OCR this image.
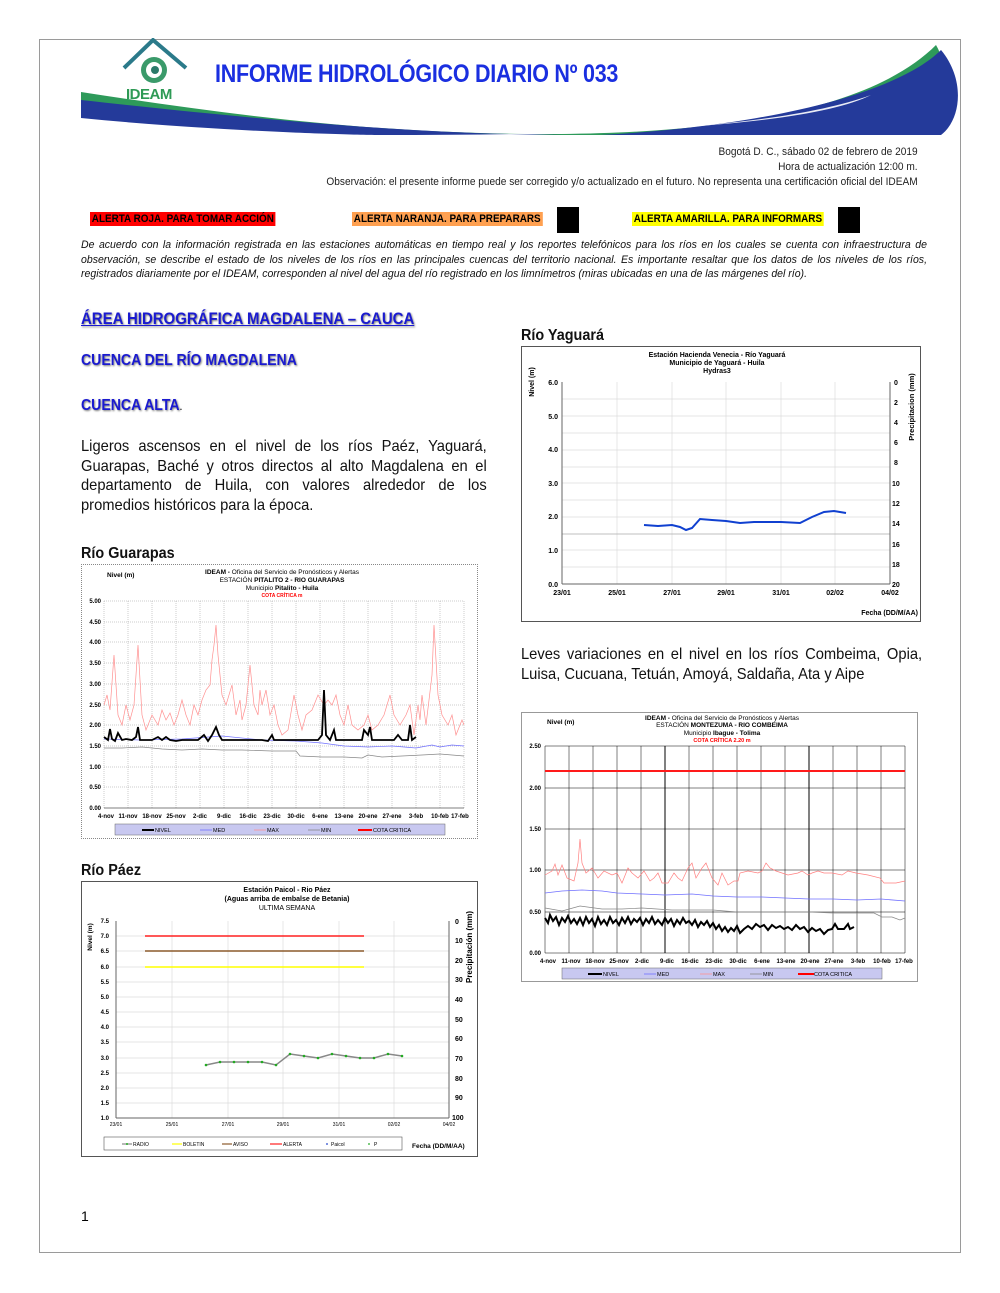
IDEAM
INFORME HIDROLÓGICO DIARIO Nº 033
Bogotá D. C., sábado 02 de febrero de 2019
Hora de actualización 12:00 m.
Observación: el presente informe puede ser corregido y/o actualizado en el futuro. No representa una certificación oficial del IDEAM
ALERTA ROJA. PARA TOMAR ACCIÓN	ALERTA NARANJA. PARA PREPARARS	ALERTA AMARILLA. PARA INFORMARS
De acuerdo con la información registrada en las estaciones automáticas en tiempo real y los reportes telefónicos para los ríos en los cuales se cuenta con infraestructura de observación, se describe el estado de los niveles de los ríos en las principales cuencas del territorio nacional. Es importante resaltar que los datos de los niveles de los ríos, registrados diariamente por el IDEAM, corresponden al nivel del agua del río registrado en los limnímetros (miras ubicadas en una de las márgenes del río).
ÁREA HIDROGRÁFICA MAGDALENA – CAUCA
CUENCA DEL RÍO MAGDALENA
CUENCA ALTA.
Ligeros ascensos en el nivel de los ríos Paéz, Yaguará, Guarapas, Baché y otros directos al alto Magdalena en el departamento de Huila, con valores alrededor de los promedios históricos para la época.
Río Guarapas
Nivel (m)	IDEAM - Oficina del Servicio de Pronósticos y Alertas
ESTACIÓN PITALITO 2 - RIO GUARAPAS
Municipio Pitalito - Huila
COTA CRÍTICA m
5.00
4.50
4.00
3.50
3.00
2.50
2.00
1.50
1.00
0.50
0.00
4-nov 11-nov 18-nov 25-nov 2-dic 9-dic 16-dic 23-dic 30-dic 6-ene 13-ene 20-ene 27-ene 3-feb 10-feb 17-feb
NIVEL	MED	MAX	MIN	COTA CRITICA
Río Páez
Estación Paicol - Rio Páez
(Aguas arriba de embalse de Betania)
ULTIMA SEMANA
Nivel (m)	Precipitación (mm)
7.5
7.0
6.5
6.0
5.5
5.0
4.5
4.0
3.5
3.0
2.5
2.0
1.5
1.0
0
10
20
30
40
50
60
70
80
90
100
23/01	25/01	27/01	29/01	31/01	02/02	04/02
RADIO	BOLETIN	AVISO	ALERTA	Paicol	P	Fecha (DD/M/AA)
Río Yaguará
Estación Hacienda Venecia - Río Yaguará
Municipio de Yaguará - Huila
Hydras3
Nivel (m)	Precipitacion (mm)
6.0
5.0
4.0
3.0
2.0
1.0
0.0
0
2
4
6
8
10
12
14
16
18
20
23/01	25/01	27/01	29/01	31/01	02/02	04/02
Fecha (DD/M/AA)
Leves variaciones en el nivel en los ríos Combeima, Opia, Luisa, Cucuana, Tetuán, Amoyá, Saldaña, Ata y Aipe
Nivel (m)
IDEAM - Oficina del Servicio de Pronósticos y Alertas
ESTACIÓN MONTEZUMA - RIO COMBEIMA
Municipio Ibague - Tolima
COTA CRÍTICA 2.20 m
2.50
2.00
1.50
1.00
0.50
0.00
4-nov 11-nov 18-nov 25-nov 2-dic 9-dic 16-dic 23-dic 30-dic 6-ene 13-ene 20-ene 27-ene 3-feb 10-feb 17-feb
NIVEL	MED	MAX	MIN	COTA CRITICA
1
